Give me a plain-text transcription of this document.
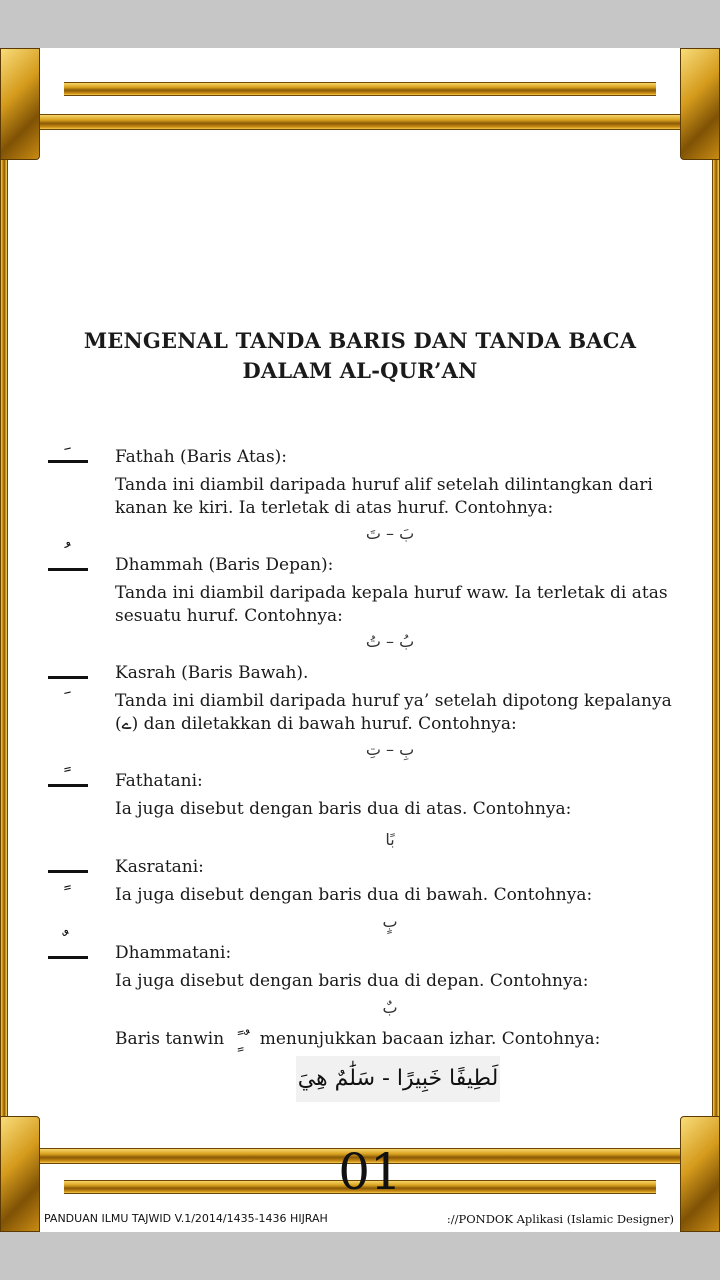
MENGENAL TANDA BARIS DAN TANDA BACA
DALAM AL-QUR’AN

Fathah (Baris Atas):

Tanda ini diambil daripada huruf alif setelah dilintangkan dari kanan ke kiri. Ia terletak di atas huruf. Contohnya:

بَ – تَ

Dhammah (Baris Depan):

Tanda ini diambil daripada kepala huruf waw. Ia terletak di atas sesuatu huruf. Contohnya:

بُ – تُ

Kasrah (Baris Bawah).

Tanda ini diambil daripada huruf ya’ setelah dipotong kepalanya (ے) dan diletakkan di bawah huruf. Contohnya:

بِ – تِ

Fathatani:

Ia juga disebut dengan baris dua di atas. Contohnya:

بًا

Kasratani:

Ia juga disebut dengan baris dua di bawah. Contohnya:

بٍ

Dhammatani:

Ia juga disebut dengan baris dua di depan. Contohnya:

بٌ
Baris tanwin ٍ ً ٌ menunjukkan bacaan izhar. Contohnya:
لَطِيفًا خَبِيرًا - سَلَٰمٌ هِيَ
01
PANDUAN ILMU TAJWID V.1/2014/1435-1436 HIJRAH	://PONDOK Aplikasi (Islamic Designer)
